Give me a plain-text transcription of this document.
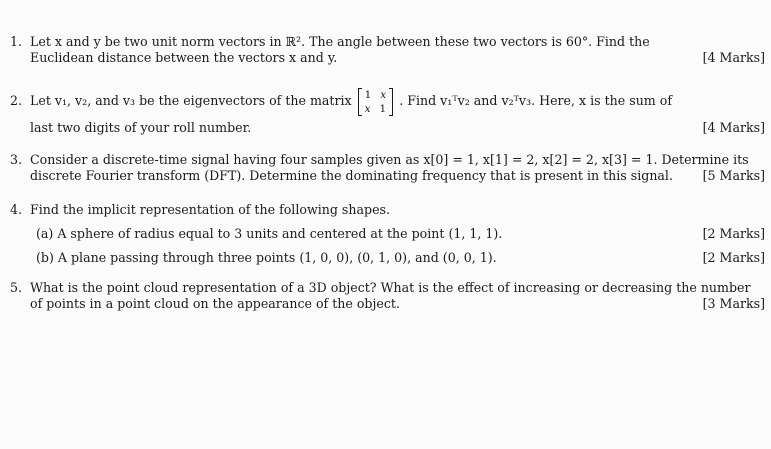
1. Let x and y be two unit norm vectors in ℝ². The angle between these two vectors is 60°. Find the
Euclidean distance between the vectors x and y.	[4 Marks]
2. Let v₁, v₂, and v₃ be the eigenvectors of the matrix 1 x
x 1
. Find v₁ᵀv₂ and v₂ᵀv₃. Here, x is the sum of
last two digits of your roll number.	[4 Marks]
3. Consider a discrete-time signal having four samples given as x[0] = 1, x[1] = 2, x[2] = 2, x[3] = 1. Determine its
discrete Fourier transform (DFT). Determine the dominating frequency that is present in this signal. [5 Marks]
4. Find the implicit representation of the following shapes.
(a) A sphere of radius equal to 3 units and centered at the point (1, 1, 1).	[2 Marks]
(b) A plane passing through three points (1, 0, 0), (0, 1, 0), and (0, 0, 1).	[2 Marks]
5. What is the point cloud representation of a 3D object? What is the effect of increasing or decreasing the number
of points in a point cloud on the appearance of the object.	[3 Marks]
